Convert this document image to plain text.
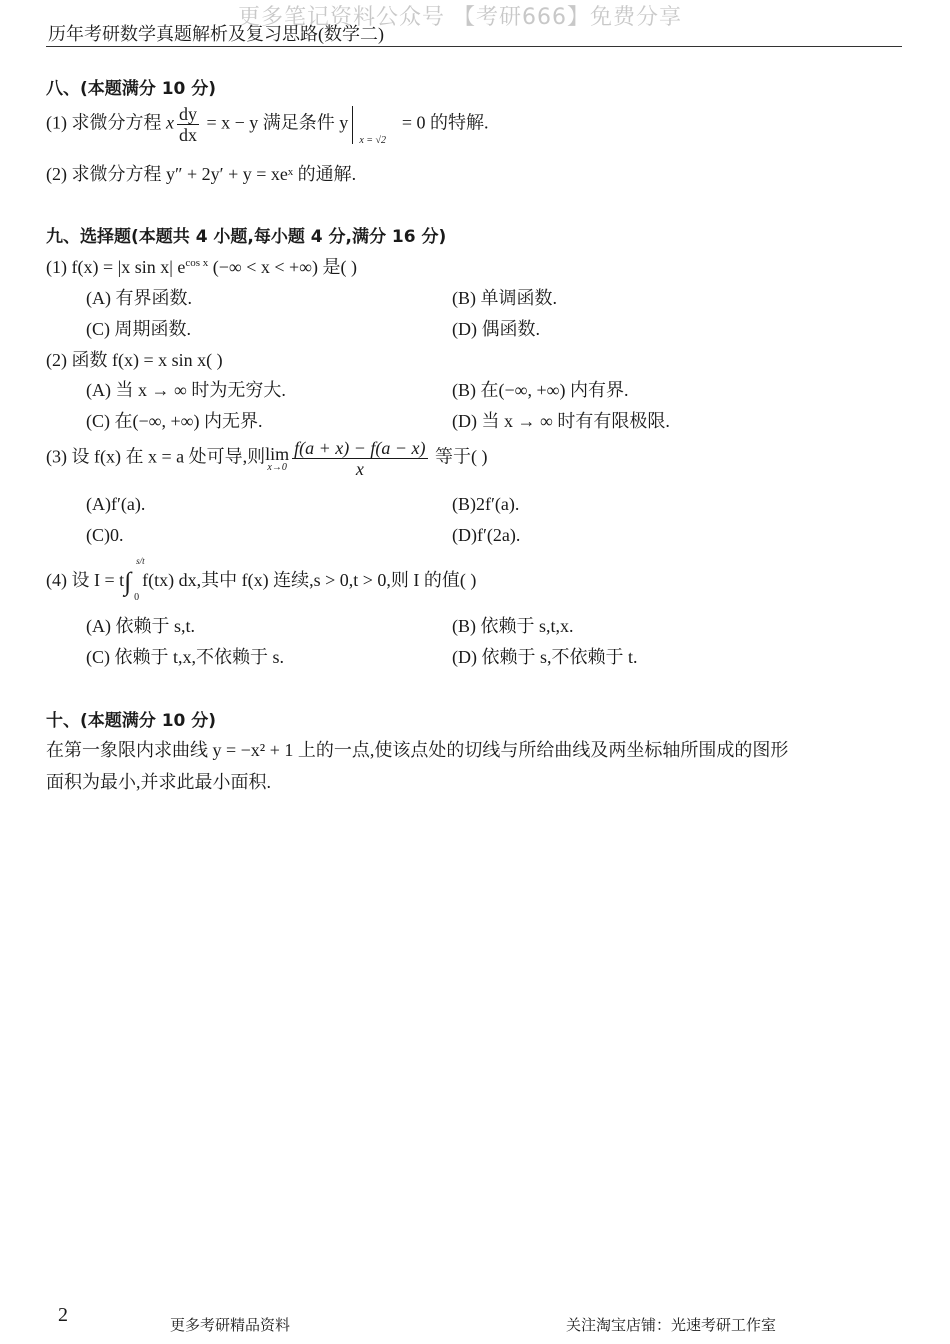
更多笔记资料公众号 【考研666】免费分享
历年考研数学真题解析及复习思路(数学二)
八、(本题满分 10 分)
(1) 求微分方程 x $\frac{dy}{dx} = x - y$ 满足条件 y
x = √2
= 0 的特解.
(2) 求微分方程 y″ + 2y′ + y = xeˣ 的通解.
九、选择题(本题共 4 小题,每小题 4 分,满分 16 分)
(1) f(x) = |x sin x| $e^{cos x}$ (−∞ < x < +∞) 是( )
(A) 有界函数.	(B) 单调函数.
(C) 周期函数.	(D) 偶函数.
(2) 函数 f(x) = x sin x( )
(A) 当 x → ∞ 时为无穷大.	(B) 在(−∞, +∞) 内有界.
(C) 在(−∞, +∞) 内无界.	(D) 当 x → ∞ 时有有限极限.
(3) 设 f(x) 在 x = a 处可导,则 lim
$x\to 0 \frac{f(a + x) - f(a - x)}{x}$ 等于( )
(A)f′(a).	(B)2f′(a).
(C)0.	(D)f′(2a).
(4) 设 I = t∫
s/t
0
f(tx) dx,其中 f(x) 连续,s > 0,t > 0,则 I 的值( )
(A) 依赖于 s,t.	(B) 依赖于 s,t,x.
(C) 依赖于 t,x,不依赖于 s.	(D) 依赖于 s,不依赖于 t.
十、(本题满分 10 分)
在第一象限内求曲线 y = −x² + 1 上的一点,使该点处的切线与所给曲线及两坐标轴所围成的图形
面积为最小,并求此最小面积.
2	更多考研精品资料	关注淘宝店铺：光速考研工作室
